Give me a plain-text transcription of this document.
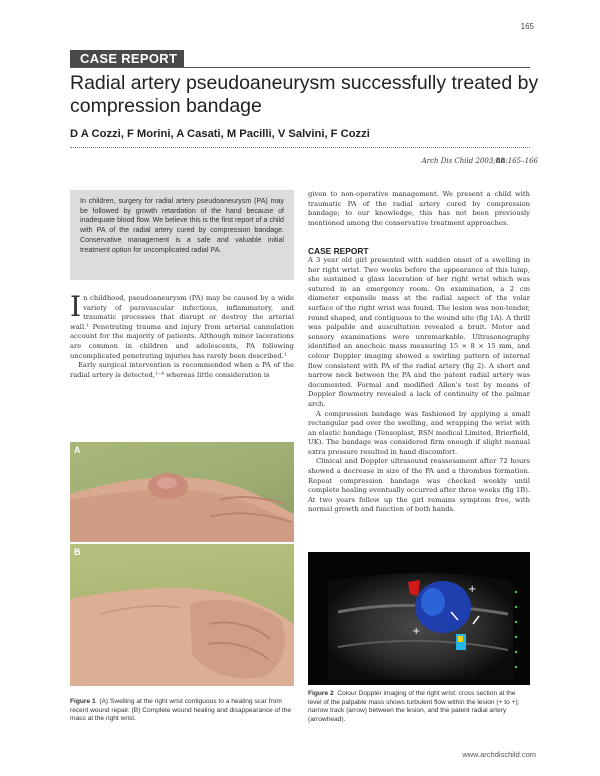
165
CASE REPORT
Radial artery pseudoaneurysm successfully treated by compression bandage
D A Cozzi, F Morini, A Casati, M Pacilli, V Salvini, F Cozzi
Arch Dis Child 2003;88:165–166
In children, surgery for radial artery pseudoaneurysm (PA) may be followed by growth retardation of the hand because of inadequate blood flow. We believe this is the first report of a child with PA of the radial artery cured by compression bandage. Conservative management is a safe and valuable initial treatment option for uncomplicated radial PA.

In childhood, pseudoaneurysm (PA) may be caused by a wide variety of paravascular infectious, inflammatory, and traumatic processes that disrupt or destroy the arterial wall.¹ Penetrating trauma and injury from arterial cannulation account for the majority of patients. Although minor lacerations are common in children and adolescents, PA following uncomplicated penetrating injuries has rarely been described.¹

Early surgical intervention is recommended when a PA of the radial artery is detected,¹⁻⁴ whereas little consideration is

given to non-operative management. We present a child with traumatic PA of the radial artery cured by compression bandage; to our knowledge, this has not been previously mentioned among the conservative treatment approaches.

CASE REPORT

A 3 year old girl presented with sudden onset of a swelling in her right wrist. Two weeks before the appearance of this lump, she sustained a glass laceration of her right wrist which was sutured in an emergency room. On examination, a 2 cm diameter expansile mass at the radial aspect of the volar surface of the right wrist was found. The lesion was non-tender, round shaped, and contiguous to the wound site (fig 1A). A thrill was palpable and auscultation revealed a bruit. Motor and sensory examinations were unremarkable. Ultrasonography identified an anechoic mass measuring 15 × 8 × 15 mm, and colour Doppler imaging showed a swirling pattern of internal flow consistent with PA of the radial artery (fig 2). A short and narrow neck between the PA and the patent radial artery was documented. Formal and modified Allen's test by means of Doppler flowmetry revealed a lack of continuity of the palmar arch.

A compression bandage was fashioned by applying a small rectangular pad over the swelling, and wrapping the wrist with an elastic bandage (Tensoplast, BSN medical Limited, Brierfield, UK). The bandage was considered firm enough if slight manual extra pressure resulted in hand discomfort.

Clinical and Doppler ultrasound reassessment after 72 hours showed a decrease in size of the PA and a thrombus formation. Repeat compression bandage was checked weekly until complete healing eventually occurred after three weeks (fig 1B). At two years follow up the girl remains symptom free, with normal growth and function of both hands.

A
B
+
+
Figure 1 (A) Swelling at the right wrist contiguous to a healing scar from recent wound repair. (B) Complete wound healing and disappearance of the mass at the right wrist.
Figure 2 Colour Doppler imaging of the right wrist: cross section at the level of the palpable mass shows turbulent flow within the lesion (+ to +); narrow track (arrow) between the lesion, and the patent radial artery (arrowhead).
www.archdischild.com
